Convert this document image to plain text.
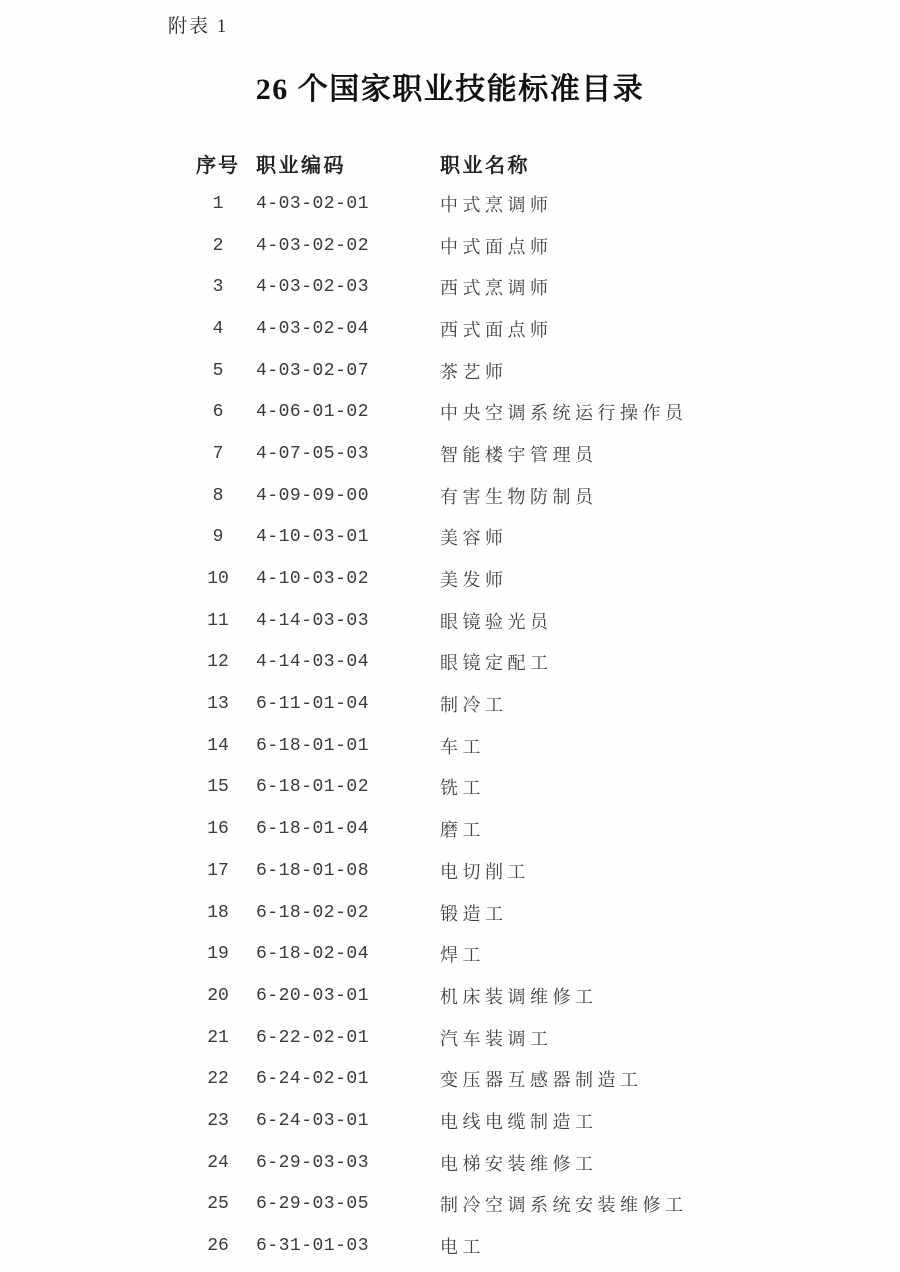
附表 1
26 个国家职业技能标准目录
序号 职业编码	职业名称
1	4-03-02-01	中式烹调师
2	4-03-02-02	中式面点师
3	4-03-02-03	西式烹调师
4	4-03-02-04	西式面点师
5	4-03-02-07	茶艺师
6	4-06-01-02	中央空调系统运行操作员
7	4-07-05-03	智能楼宇管理员
8	4-09-09-00	有害生物防制员
9	4-10-03-01	美容师
10	4-10-03-02	美发师
11	4-14-03-03	眼镜验光员
12	4-14-03-04	眼镜定配工
13	6-11-01-04	制冷工
14	6-18-01-01	车工
15	6-18-01-02	铣工
16	6-18-01-04	磨工
17	6-18-01-08	电切削工
18	6-18-02-02	锻造工
19	6-18-02-04	焊工
20	6-20-03-01	机床装调维修工
21	6-22-02-01	汽车装调工
22	6-24-02-01	变压器互感器制造工
23	6-24-03-01	电线电缆制造工
24	6-29-03-03	电梯安装维修工
25	6-29-03-05	制冷空调系统安装维修工
26	6-31-01-03	电工
